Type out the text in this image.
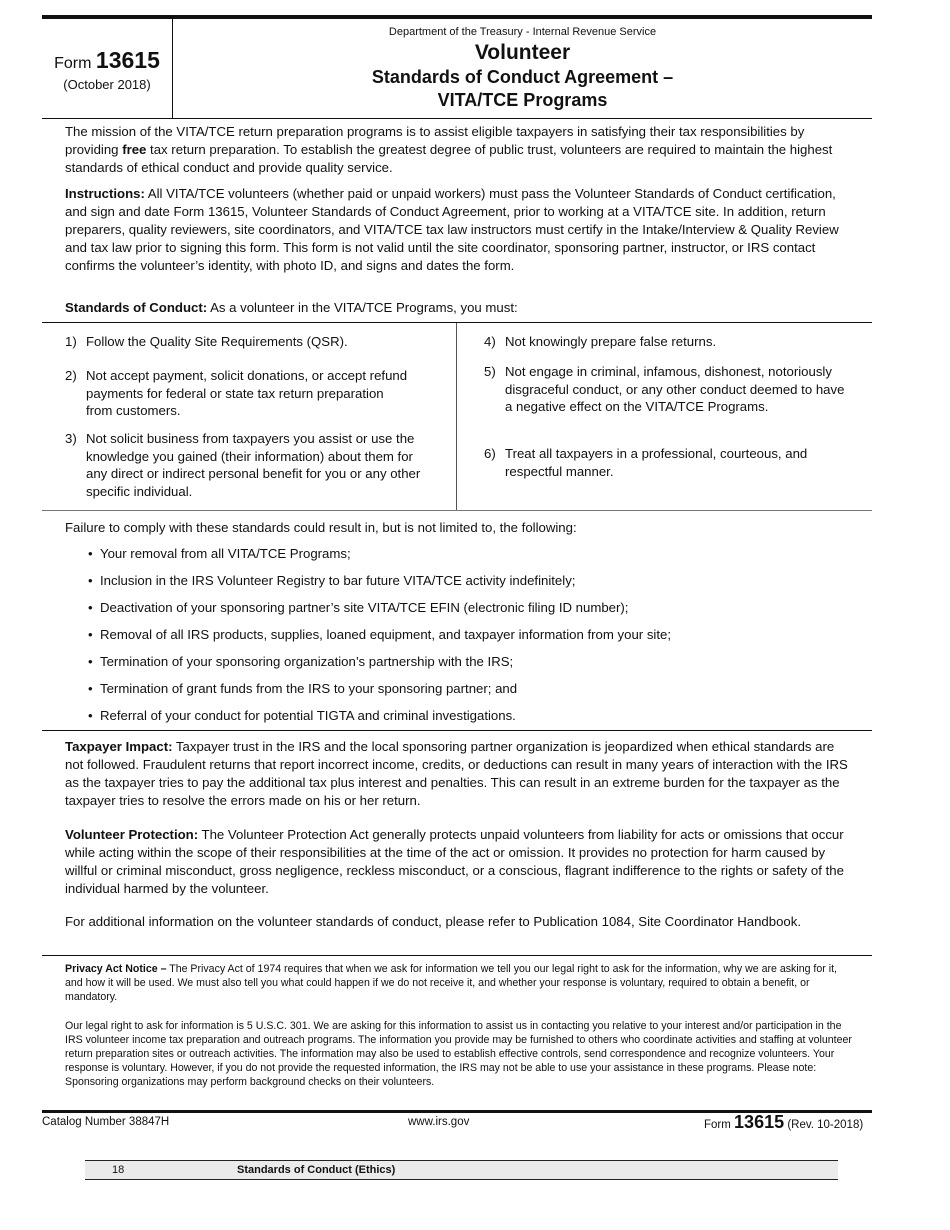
Form 13615
(October 2018)
Department of the Treasury - Internal Revenue Service
Volunteer
Standards of Conduct Agreement –
VITA/TCE Programs

The mission of the VITA/TCE return preparation programs is to assist eligible taxpayers in satisfying their tax responsibilities by providing free tax return preparation. To establish the greatest degree of public trust, volunteers are required to maintain the highest standards of ethical conduct and provide quality service.

Instructions: All VITA/TCE volunteers (whether paid or unpaid workers) must pass the Volunteer Standards of Conduct certification, and sign and date Form 13615, Volunteer Standards of Conduct Agreement, prior to working at a VITA/TCE site. In addition, return preparers, quality reviewers, site coordinators, and VITA/TCE tax law instructors must certify in the Intake/Interview & Quality Review and tax law prior to signing this form. This form is not valid until the site coordinator, sponsoring partner, instructor, or IRS contact confirms the volunteer’s identity, with photo ID, and signs and dates the form.

Standards of Conduct: As a volunteer in the VITA/TCE Programs, you must:

1) Follow the Quality Site Requirements (QSR).
2) Not accept payment, solicit donations, or accept refund payments for federal or state tax return preparation from customers.
3) Not solicit business from taxpayers you assist or use the knowledge you gained (their information) about them for any direct or indirect personal benefit for you or any other specific individual.
4) Not knowingly prepare false returns.
5) Not engage in criminal, infamous, dishonest, notoriously disgraceful conduct, or any other conduct deemed to have a negative effect on the VITA/TCE Programs.
6) Treat all taxpayers in a professional, courteous, and respectful manner.

Failure to comply with these standards could result in, but is not limited to, the following:

• Your removal from all VITA/TCE Programs;
• Inclusion in the IRS Volunteer Registry to bar future VITA/TCE activity indefinitely;
• Deactivation of your sponsoring partner’s site VITA/TCE EFIN (electronic filing ID number);
• Removal of all IRS products, supplies, loaned equipment, and taxpayer information from your site;
• Termination of your sponsoring organization’s partnership with the IRS;
• Termination of grant funds from the IRS to your sponsoring partner; and
• Referral of your conduct for potential TIGTA and criminal investigations.

Taxpayer Impact: Taxpayer trust in the IRS and the local sponsoring partner organization is jeopardized when ethical standards are not followed. Fraudulent returns that report incorrect income, credits, or deductions can result in many years of interaction with the IRS as the taxpayer tries to pay the additional tax plus interest and penalties. This can result in an extreme burden for the taxpayer as the taxpayer tries to resolve the errors made on his or her return.

Volunteer Protection: The Volunteer Protection Act generally protects unpaid volunteers from liability for acts or omissions that occur while acting within the scope of their responsibilities at the time of the act or omission. It provides no protection for harm caused by willful or criminal misconduct, gross negligence, reckless misconduct, or a conscious, flagrant indifference to the rights or safety of the individual harmed by the volunteer.

For additional information on the volunteer standards of conduct, please refer to Publication 1084, Site Coordinator Handbook.

Privacy Act Notice – The Privacy Act of 1974 requires that when we ask for information we tell you our legal right to ask for the information, why we are asking for it, and how it will be used. We must also tell you what could happen if we do not receive it, and whether your response is voluntary, required to obtain a benefit, or mandatory.

Our legal right to ask for information is 5 U.S.C. 301. We are asking for this information to assist us in contacting you relative to your interest and/or participation in the IRS volunteer income tax preparation and outreach programs. The information you provide may be furnished to others who coordinate activities and staffing at volunteer return preparation sites or outreach activities. The information may also be used to establish effective controls, send correspondence and recognize volunteers. Your response is voluntary. However, if you do not provide the requested information, the IRS may not be able to use your assistance in these programs. Please note: Sponsoring organizations may perform background checks on their volunteers.

Catalog Number 38847H	www.irs.gov	Form 13615 (Rev. 10-2018)
18	Standards of Conduct (Ethics)
